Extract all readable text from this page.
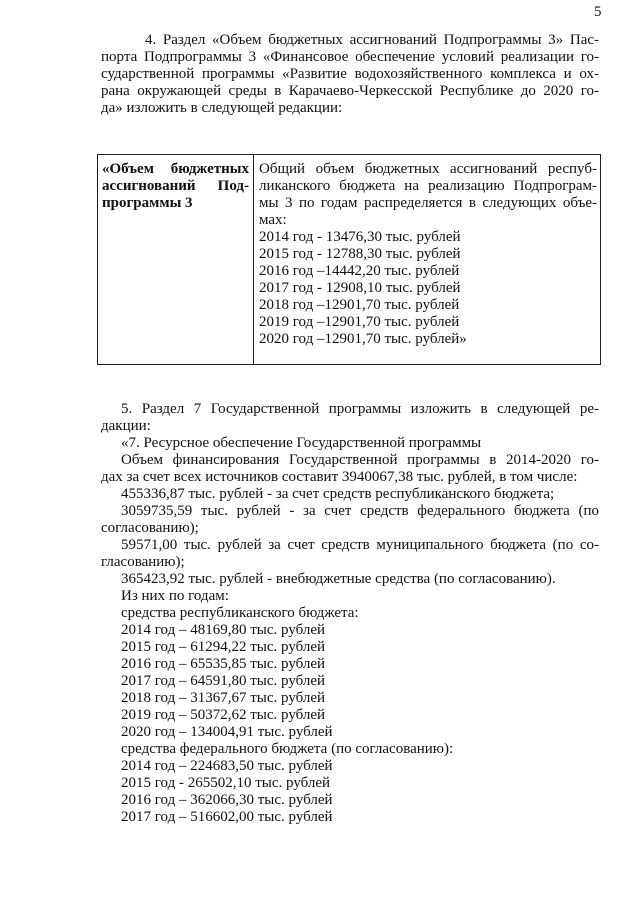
5
4. Раздел «Объем бюджетных ассигнований Подпрограммы 3» Пас-
порта Подпрограммы 3 «Финансовое обеспечение условий реализации го-
сударственной программы «Развитие водохозяйственного комплекса и ох-
рана окружающей среды в Карачаево-Черкесской Республике до 2020 го-
да» изложить в следующей редакции:
«Объем бюджетных
ассигнований Под-
программы 3
Общий объем бюджетных ассигнований респуб-
ликанского бюджета на реализацию Подпрограм-
мы 3 по годам распределяется в следующих объе-
мах:
2014 год - 13476,30 тыс. рублей
2015 год - 12788,30 тыс. рублей
2016 год –14442,20 тыс. рублей
2017 год - 12908,10 тыс. рублей
2018 год –12901,70 тыс. рублей
2019 год –12901,70 тыс. рублей
2020 год –12901,70 тыс. рублей»
5. Раздел 7 Государственной программы изложить в следующей ре-
дакции:
«7. Ресурсное обеспечение Государственной программы
Объем финансирования Государственной программы в 2014-2020 го-
дах за счет всех источников составит 3940067,38 тыс. рублей, в том числе:
455336,87 тыс. рублей - за счет средств республиканского бюджета;
3059735,59 тыс. рублей - за счет средств федерального бюджета (по
согласованию);
59571,00 тыс. рублей за счет средств муниципального бюджета (по со-
гласованию);
365423,92 тыс. рублей - внебюджетные средства (по согласованию).
Из них по годам:
средства республиканского бюджета:
2014 год – 48169,80 тыс. рублей
2015 год – 61294,22 тыс. рублей
2016 год – 65535,85 тыс. рублей
2017 год – 64591,80 тыс. рублей
2018 год – 31367,67 тыс. рублей
2019 год – 50372,62 тыс. рублей
2020 год – 134004,91 тыс. рублей
средства федерального бюджета (по согласованию):
2014 год – 224683,50 тыс. рублей
2015 год - 265502,10 тыс. рублей
2016 год – 362066,30 тыс. рублей
2017 год – 516602,00 тыс. рублей
